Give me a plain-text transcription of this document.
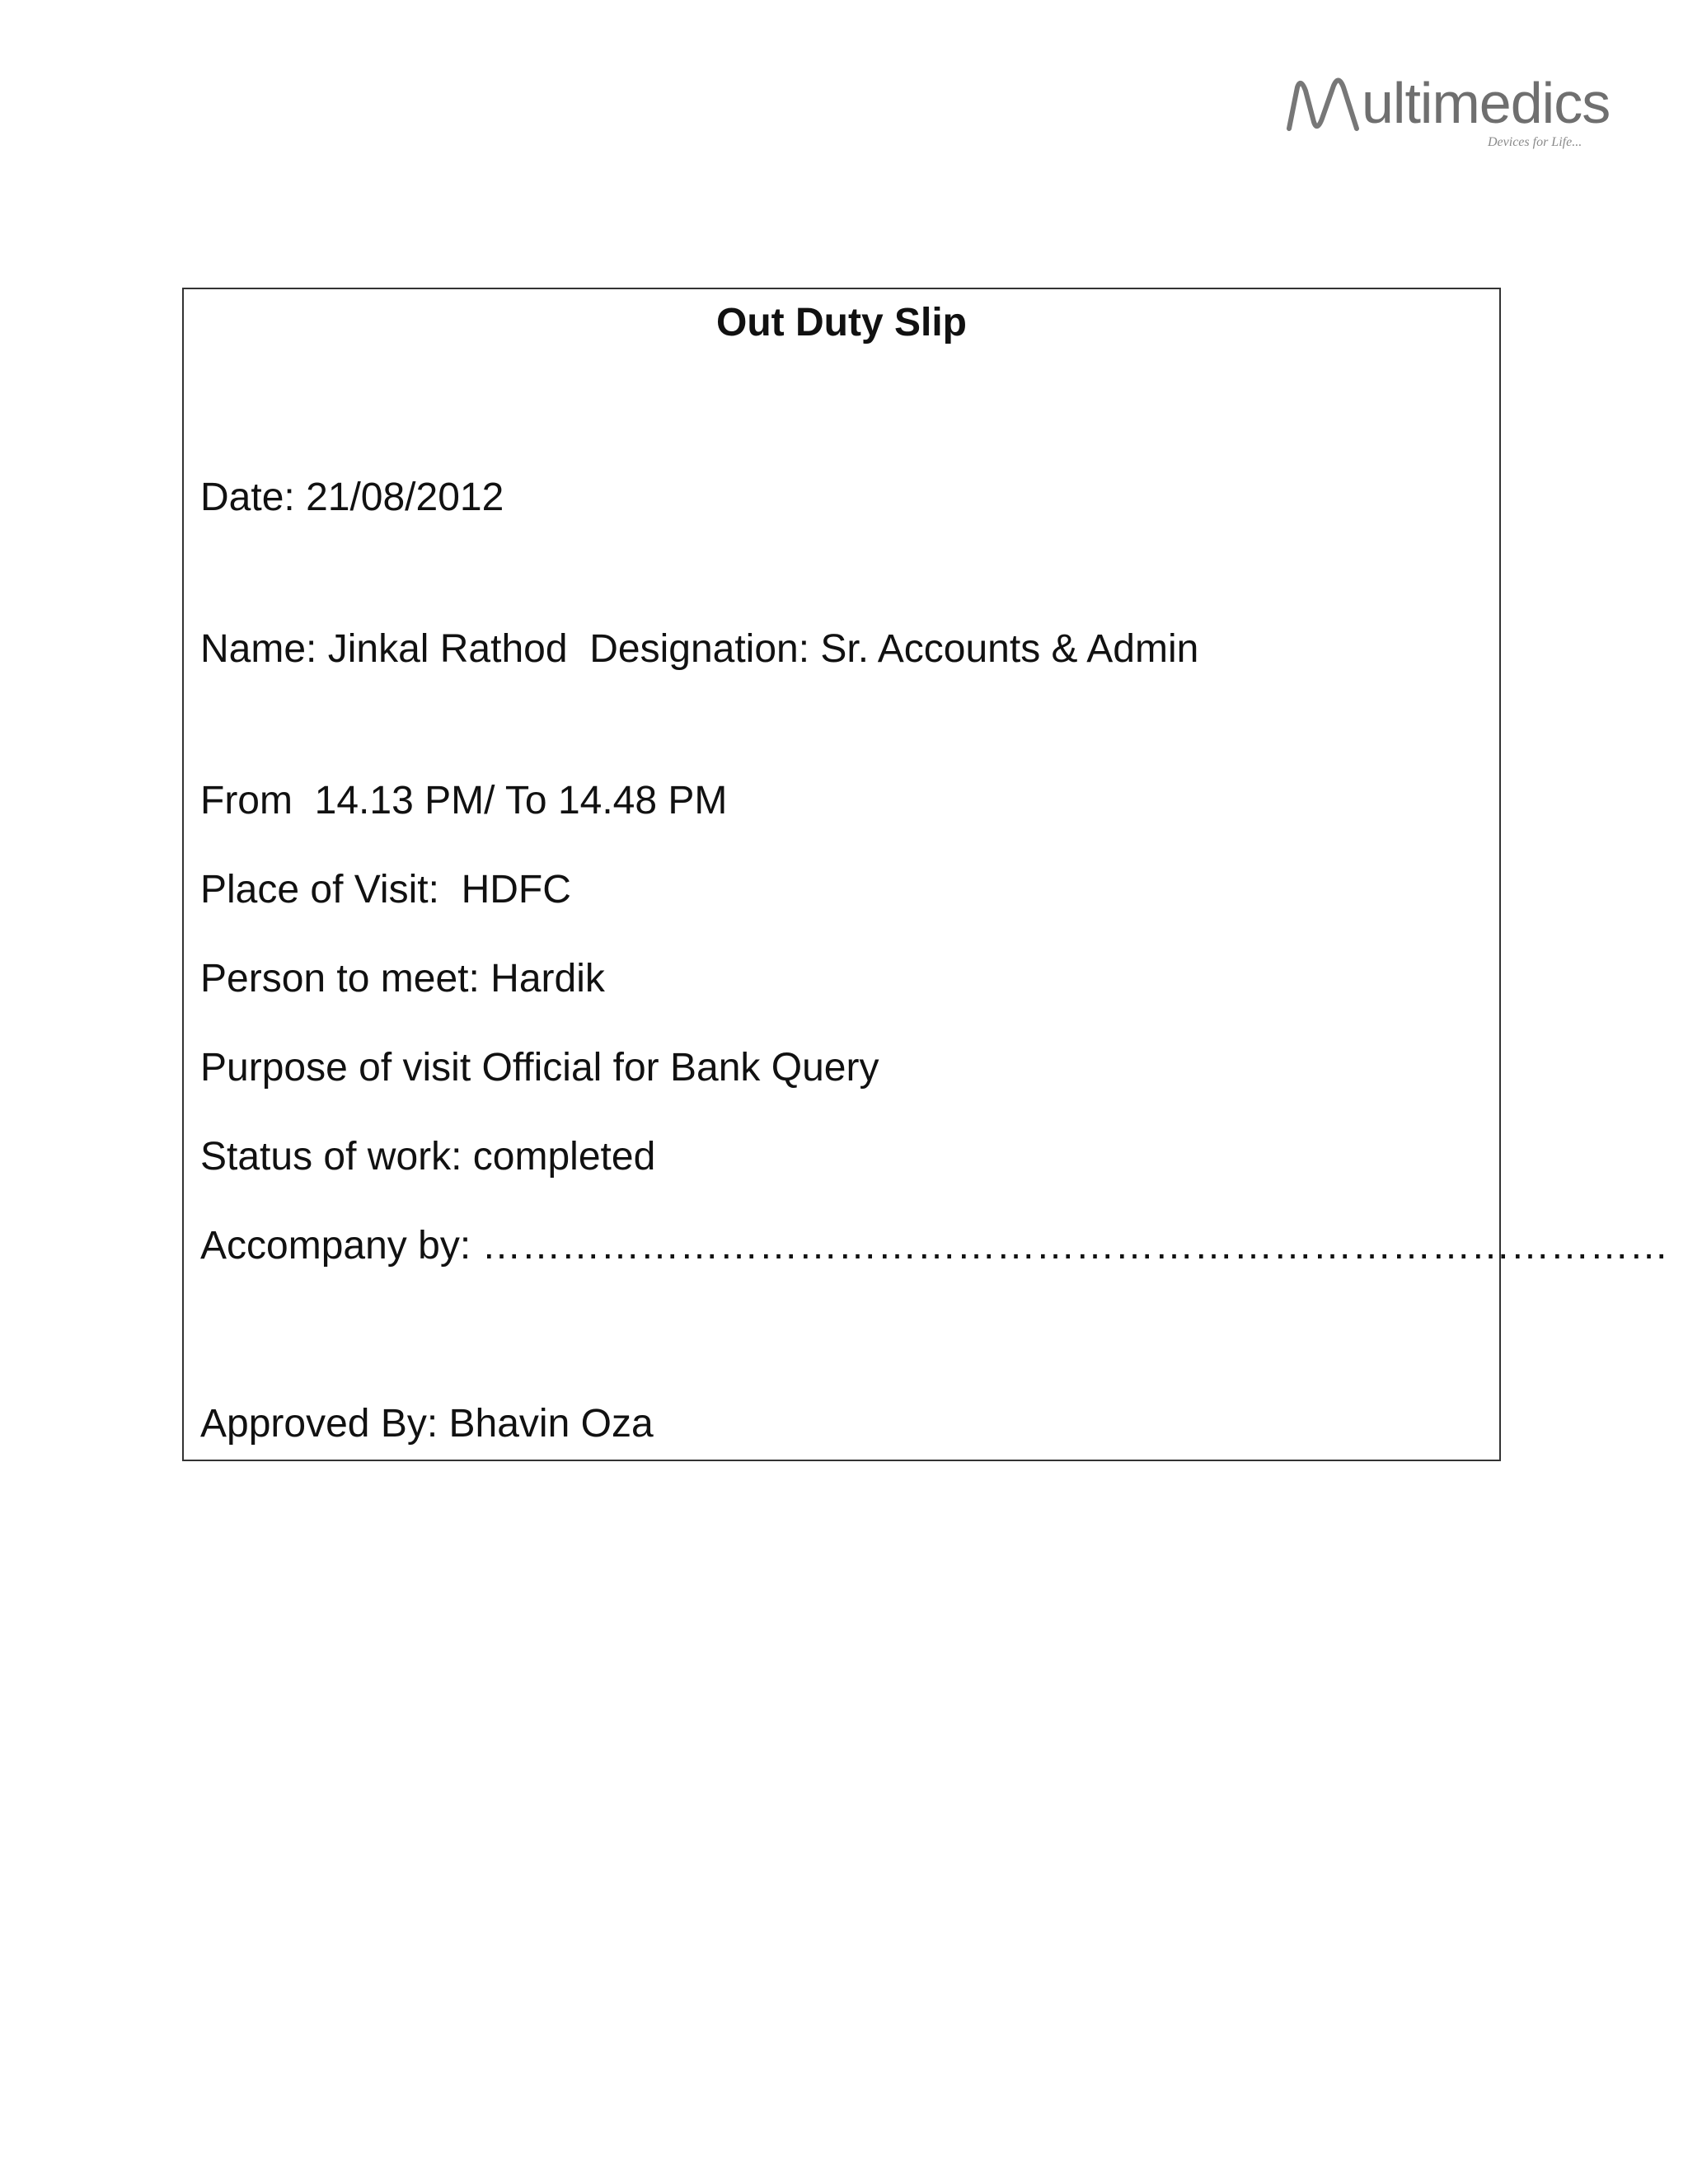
ultimedics
Devices for Life...
Out Duty Slip
Date: 21/08/2012
Name: Jinkal Rathod  Designation: Sr. Accounts & Admin
From  14.13 PM/ To 14.48 PM
Place of Visit:  HDFC
Person to meet: Hardik
Purpose of visit Official for Bank Query
Status of work: completed
Accompany by: ………………………………………………………………………………
Approved By: Bhavin Oza
